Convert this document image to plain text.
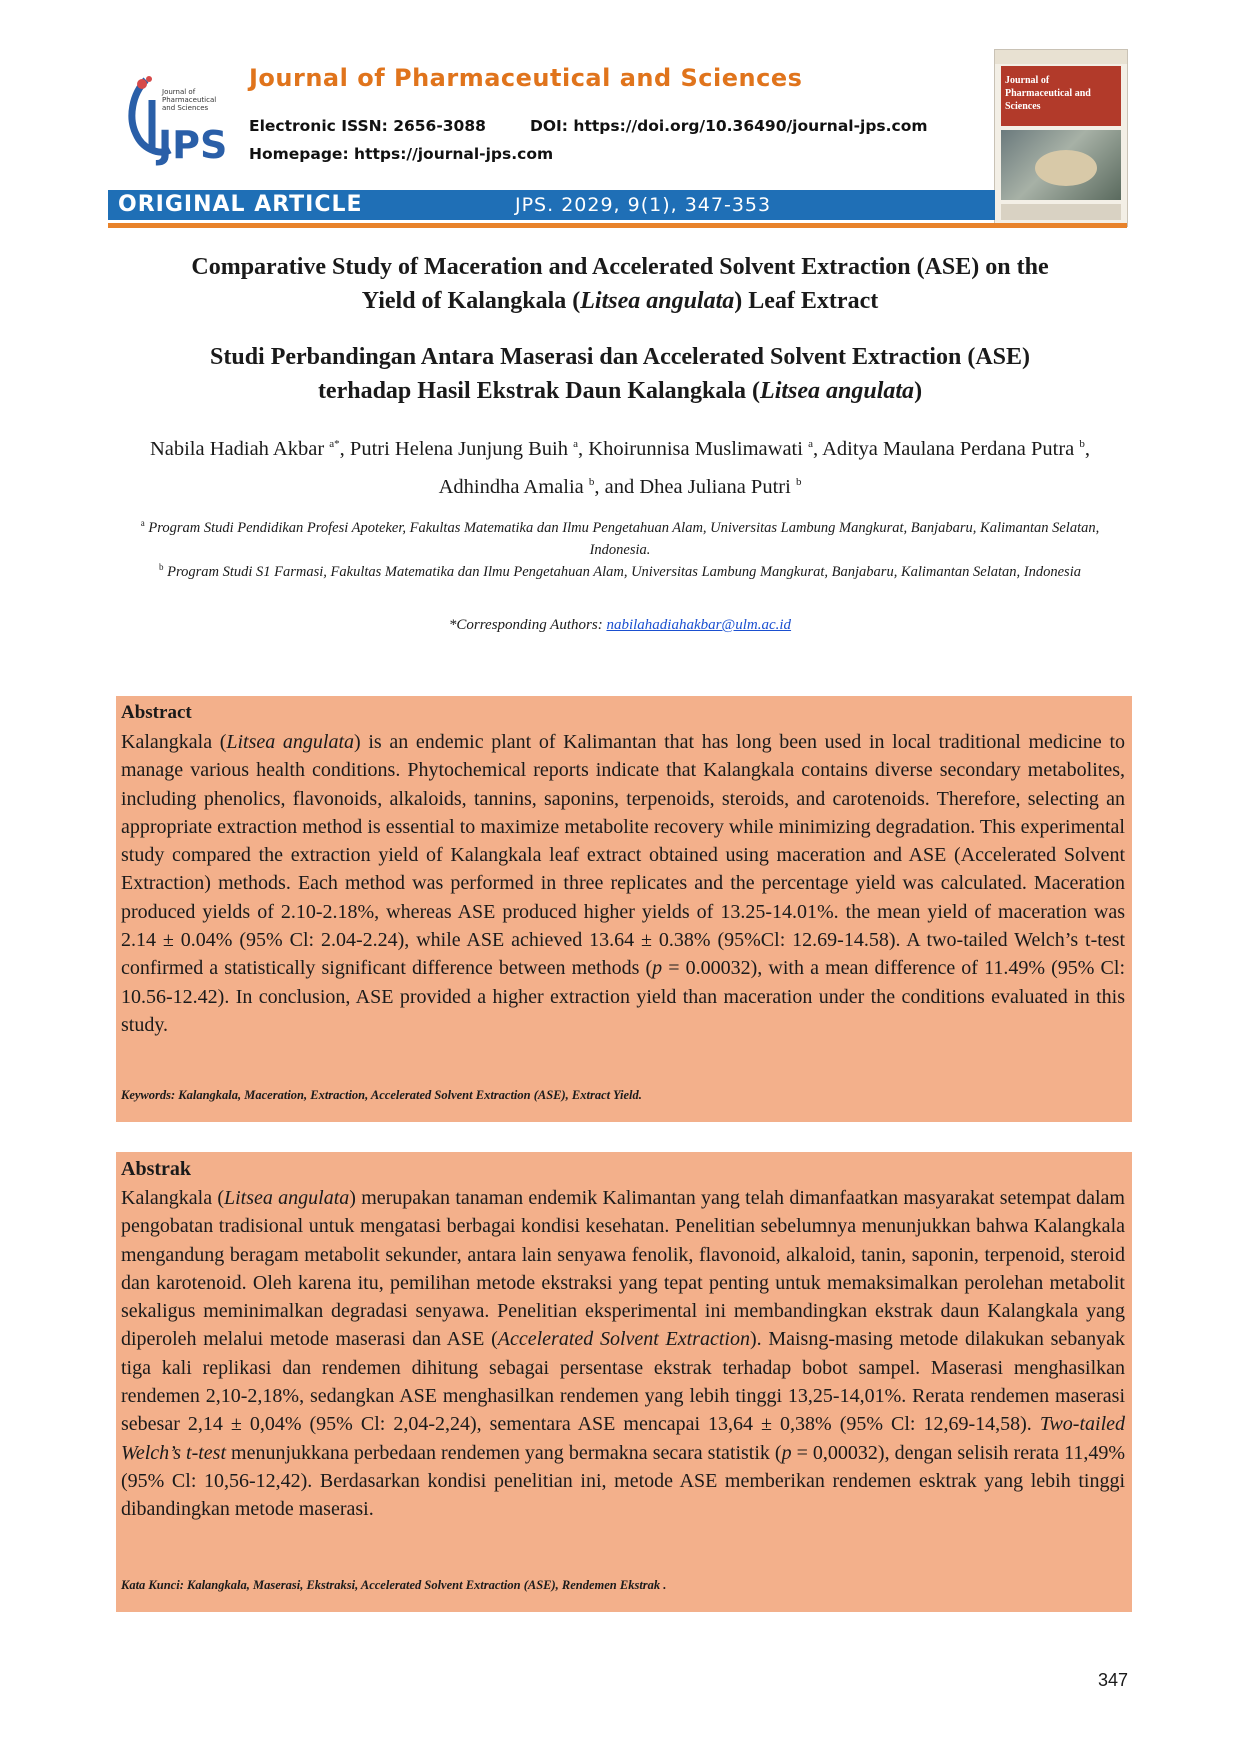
JPS
Journal of Pharmaceutical and Sciences
Journal of Pharmaceutical and Sciences
Electronic ISSN: 2656-3088	DOI: https://doi.org/10.36490/journal-jps.com
Homepage: https://journal-jps.com
Journal of
Pharmaceutical and Sciences
ORIGINAL ARTICLE	JPS. 2029, 9(1), 347-353
Comparative Study of Maceration and Accelerated Solvent Extraction (ASE) on the
Yield of Kalangkala (Litsea angulata) Leaf Extract
Studi Perbandingan Antara Maserasi dan Accelerated Solvent Extraction (ASE)
terhadap Hasil Ekstrak Daun Kalangkala (Litsea angulata)
Nabila Hadiah Akbar $^{a*}$, Putri Helena Junjung Buih $^a$, Khoirunnisa Muslimawati $^a$, Aditya Maulana Perdana Putra $^b$, Adhindha Amalia $^b$, and Dhea Juliana Putri $^b$
$^a$ Program Studi Pendidikan Profesi Apoteker, Fakultas Matematika dan Ilmu Pengetahuan Alam, Universitas Lambung Mangkurat, Banjabaru, Kalimantan Selatan, Indonesia.
$^b$ Program Studi S1 Farmasi, Fakultas Matematika dan Ilmu Pengetahuan Alam, Universitas Lambung Mangkurat, Banjabaru, Kalimantan Selatan, Indonesia
*Corresponding Authors: nabilahadiahakbar@ulm.ac.id
Abstract
Kalangkala (Litsea angulata) is an endemic plant of Kalimantan that has long been used in local traditional medicine to manage various health conditions. Phytochemical reports indicate that Kalangkala contains diverse secondary metabolites, including phenolics, flavonoids, alkaloids, tannins, saponins, terpenoids, steroids, and carotenoids. Therefore, selecting an appropriate extraction method is essential to maximize metabolite recovery while minimizing degradation. This experimental study compared the extraction yield of Kalangkala leaf extract obtained using maceration and ASE (Accelerated Solvent Extraction) methods. Each method was performed in three replicates and the percentage yield was calculated. Maceration produced yields of 2.10-2.18%, whereas ASE produced higher yields of 13.25-14.01%. the mean yield of maceration was 2.14 ± 0.04% (95% Cl: 2.04-2.24), while ASE achieved 13.64 ± 0.38% (95%Cl: 12.69-14.58). A two-tailed Welch’s t-test confirmed a statistically significant difference between methods (p = 0.00032), with a mean difference of 11.49% (95% Cl: 10.56-12.42). In conclusion, ASE provided a higher extraction yield than maceration under the conditions evaluated in this study.
Keywords: Kalangkala, Maceration, Extraction, Accelerated Solvent Extraction (ASE), Extract Yield.
Abstrak
Kalangkala (Litsea angulata) merupakan tanaman endemik Kalimantan yang telah dimanfaatkan masyarakat setempat dalam pengobatan tradisional untuk mengatasi berbagai kondisi kesehatan. Penelitian sebelumnya menunjukkan bahwa Kalangkala mengandung beragam metabolit sekunder, antara lain senyawa fenolik, flavonoid, alkaloid, tanin, saponin, terpenoid, steroid dan karotenoid. Oleh karena itu, pemilihan metode ekstraksi yang tepat penting untuk memaksimalkan perolehan metabolit sekaligus meminimalkan degradasi senyawa. Penelitian eksperimental ini membandingkan ekstrak daun Kalangkala yang diperoleh melalui metode maserasi dan ASE (Accelerated Solvent Extraction). Maisng-masing metode dilakukan sebanyak tiga kali replikasi dan rendemen dihitung sebagai persentase ekstrak terhadap bobot sampel. Maserasi menghasilkan rendemen 2,10-2,18%, sedangkan ASE menghasilkan rendemen yang lebih tinggi 13,25-14,01%. Rerata rendemen maserasi sebesar 2,14 ± 0,04% (95% Cl: 2,04-2,24), sementara ASE mencapai 13,64 ± 0,38% (95% Cl: 12,69-14,58). Two-tailed Welch’s t-test menunjukkana perbedaan rendemen yang bermakna secara statistik (p = 0,00032), dengan selisih rerata 11,49% (95% Cl: 10,56-12,42). Berdasarkan kondisi penelitian ini, metode ASE memberikan rendemen esktrak yang lebih tinggi dibandingkan metode maserasi.
Kata Kunci: Kalangkala, Maserasi, Ekstraksi, Accelerated Solvent Extraction (ASE), Rendemen Ekstrak .
347
